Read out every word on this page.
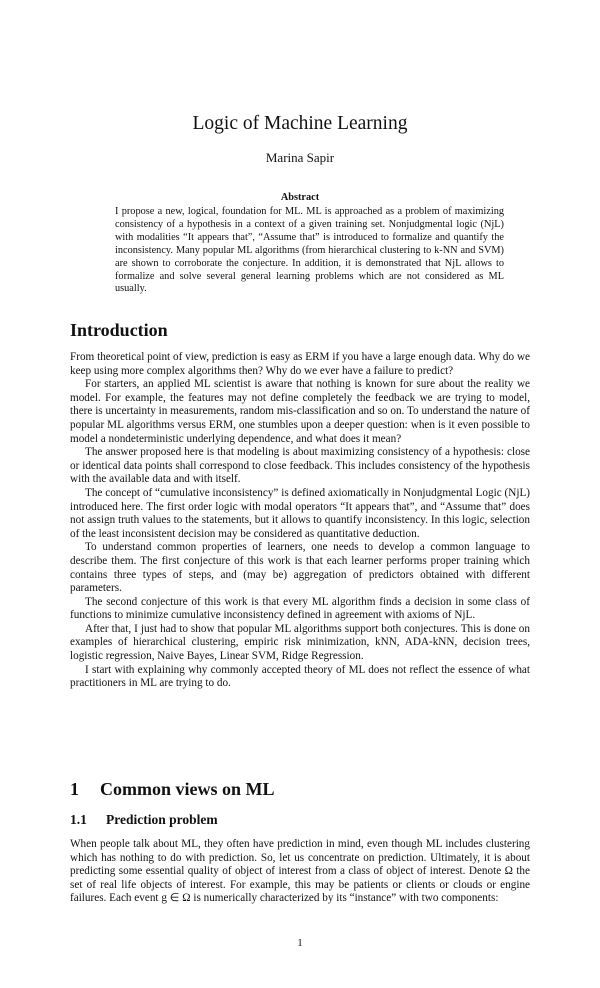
Logic of Machine Learning
Marina Sapir
Abstract

I propose a new, logical, foundation for ML. ML is approached as a problem of maximizing consistency of a hypothesis in a context of a given training set. Nonjudgmental logic (NjL) with modalities “It appears that”, “Assume that” is introduced to formalize and quantify the inconsistency. Many popular ML algorithms (from hierarchical clustering to k-NN and SVM) are shown to corroborate the conjecture. In addition, it is demonstrated that NjL allows to formalize and solve several general learning problems which are not considered as ML usually.

Introduction

From theoretical point of view, prediction is easy as ERM if you have a large enough data. Why do we keep using more complex algorithms then? Why do we ever have a failure to predict?

For starters, an applied ML scientist is aware that nothing is known for sure about the reality we model. For example, the features may not define completely the feedback we are trying to model, there is uncertainty in measurements, random mis-classification and so on. To understand the nature of popular ML algorithms versus ERM, one stumbles upon a deeper question: when is it even possible to model a nondeterministic underlying dependence, and what does it mean?

The answer proposed here is that modeling is about maximizing consistency of a hypothesis: close or identical data points shall correspond to close feedback. This includes consistency of the hypothesis with the available data and with itself.

The concept of “cumulative inconsistency” is defined axiomatically in Nonjudgmental Logic (NjL) introduced here. The first order logic with modal operators “It appears that”, and “Assume that” does not assign truth values to the statements, but it allows to quantify inconsistency. In this logic, selection of the least inconsistent decision may be considered as quantitative deduction.

To understand common properties of learners, one needs to develop a common language to describe them. The first conjecture of this work is that each learner performs proper training which contains three types of steps, and (may be) aggregation of predictors obtained with different parameters.

The second conjecture of this work is that every ML algorithm finds a decision in some class of functions to minimize cumulative inconsistency defined in agreement with axioms of NjL.

After that, I just had to show that popular ML algorithms support both conjectures. This is done on examples of hierarchical clustering, empiric risk minimization, kNN, ADA-kNN, decision trees, logistic regression, Naive Bayes, Linear SVM, Ridge Regression.

I start with explaining why commonly accepted theory of ML does not reflect the essence of what practitioners in ML are trying to do.

1 Common views on ML
1.1 Prediction problem

When people talk about ML, they often have prediction in mind, even though ML includes clustering which has nothing to do with prediction. So, let us concentrate on prediction. Ultimately, it is about predicting some essential quality of object of interest from a class of object of interest. Denote Ω the set of real life objects of interest. For example, this may be patients or clients or clouds or engine failures. Each event g ∈ Ω is numerically characterized by its “instance” with two components:

1
